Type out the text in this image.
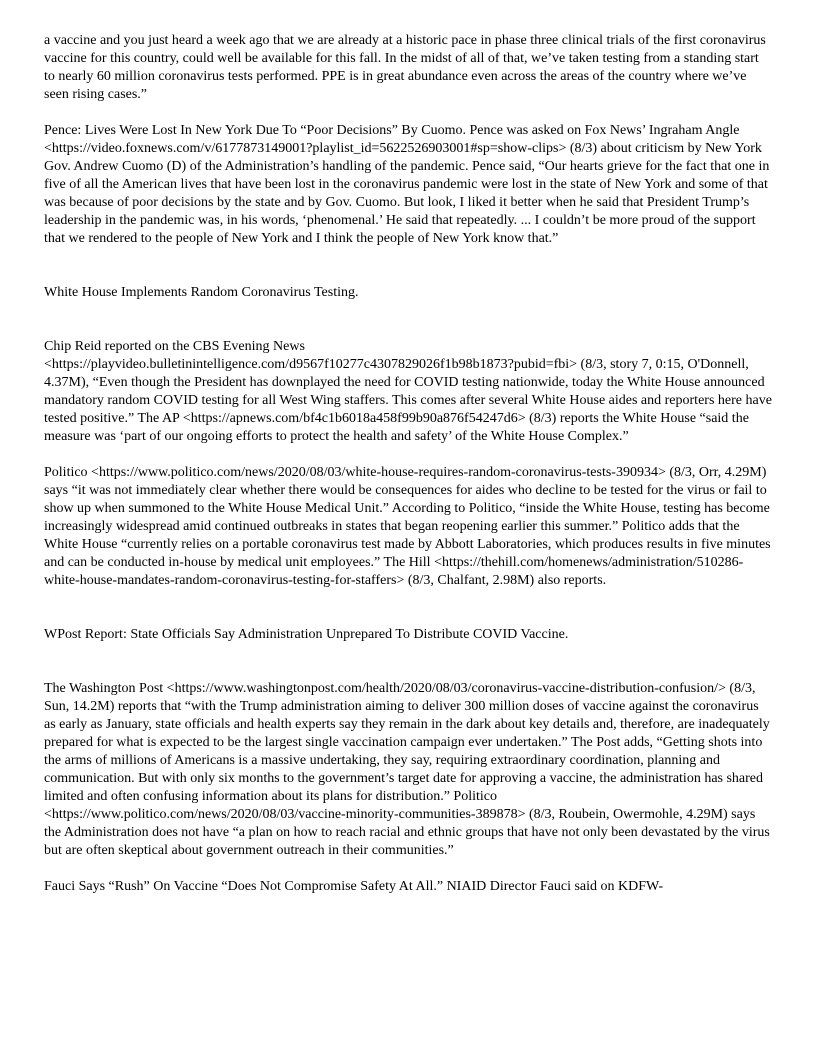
a vaccine and you just heard a week ago that we are already at a historic pace in phase three clinical trials of the first coronavirus vaccine for this country, could well be available for this fall. In the midst of all of that, we’ve taken testing from a standing start to nearly 60 million coronavirus tests performed. PPE is in great abundance even across the areas of the country where we’ve seen rising cases.”

Pence: Lives Were Lost In New York Due To “Poor Decisions” By Cuomo. Pence was asked on Fox News’ Ingraham Angle <https://video.foxnews.com/v/6177873149001?playlist_id=5622526903001#sp=show-clips> (8/3) about criticism by New York Gov. Andrew Cuomo (D) of the Administration’s handling of the pandemic. Pence said, “Our hearts grieve for the fact that one in five of all the American lives that have been lost in the coronavirus pandemic were lost in the state of New York and some of that was because of poor decisions by the state and by Gov. Cuomo. But look, I liked it better when he said that President Trump’s leadership in the pandemic was, in his words, ‘phenomenal.’ He said that repeatedly. ... I couldn’t be more proud of the support that we rendered to the people of New York and I think the people of New York know that.”

White House Implements Random Coronavirus Testing.

Chip Reid reported on the CBS Evening News <https://playvideo.bulletinintelligence.com/d9567f10277c4307829026f1b98b1873?pubid=fbi> (8/3, story 7, 0:15, O'Donnell, 4.37M), “Even though the President has downplayed the need for COVID testing nationwide, today the White House announced mandatory random COVID testing for all West Wing staffers. This comes after several White House aides and reporters here have tested positive.” The AP <https://apnews.com/bf4c1b6018a458f99b90a876f54247d6> (8/3) reports the White House “said the measure was ‘part of our ongoing efforts to protect the health and safety’ of the White House Complex.”

Politico <https://www.politico.com/news/2020/08/03/white-house-requires-random-coronavirus-tests-390934> (8/3, Orr, 4.29M) says “it was not immediately clear whether there would be consequences for aides who decline to be tested for the virus or fail to show up when summoned to the White House Medical Unit.” According to Politico, “inside the White House, testing has become increasingly widespread amid continued outbreaks in states that began reopening earlier this summer.” Politico adds that the White House “currently relies on a portable coronavirus test made by Abbott Laboratories, which produces results in five minutes and can be conducted in-house by medical unit employees.” The Hill <https://thehill.com/homenews/administration/510286-white-house-mandates-random-coronavirus-testing-for-staffers> (8/3, Chalfant, 2.98M) also reports.

WPost Report: State Officials Say Administration Unprepared To Distribute COVID Vaccine.

The Washington Post <https://www.washingtonpost.com/health/2020/08/03/coronavirus-vaccine-distribution-confusion/> (8/3, Sun, 14.2M) reports that “with the Trump administration aiming to deliver 300 million doses of vaccine against the coronavirus as early as January, state officials and health experts say they remain in the dark about key details and, therefore, are inadequately prepared for what is expected to be the largest single vaccination campaign ever undertaken.” The Post adds, “Getting shots into the arms of millions of Americans is a massive undertaking, they say, requiring extraordinary coordination, planning and communication. But with only six months to the government’s target date for approving a vaccine, the administration has shared limited and often confusing information about its plans for distribution.” Politico <https://www.politico.com/news/2020/08/03/vaccine-minority-communities-389878> (8/3, Roubein, Owermohle, 4.29M) says the Administration does not have “a plan on how to reach racial and ethnic groups that have not only been devastated by the virus but are often skeptical about government outreach in their communities.”

Fauci Says “Rush” On Vaccine “Does Not Compromise Safety At All.” NIAID Director Fauci said on KDFW-
